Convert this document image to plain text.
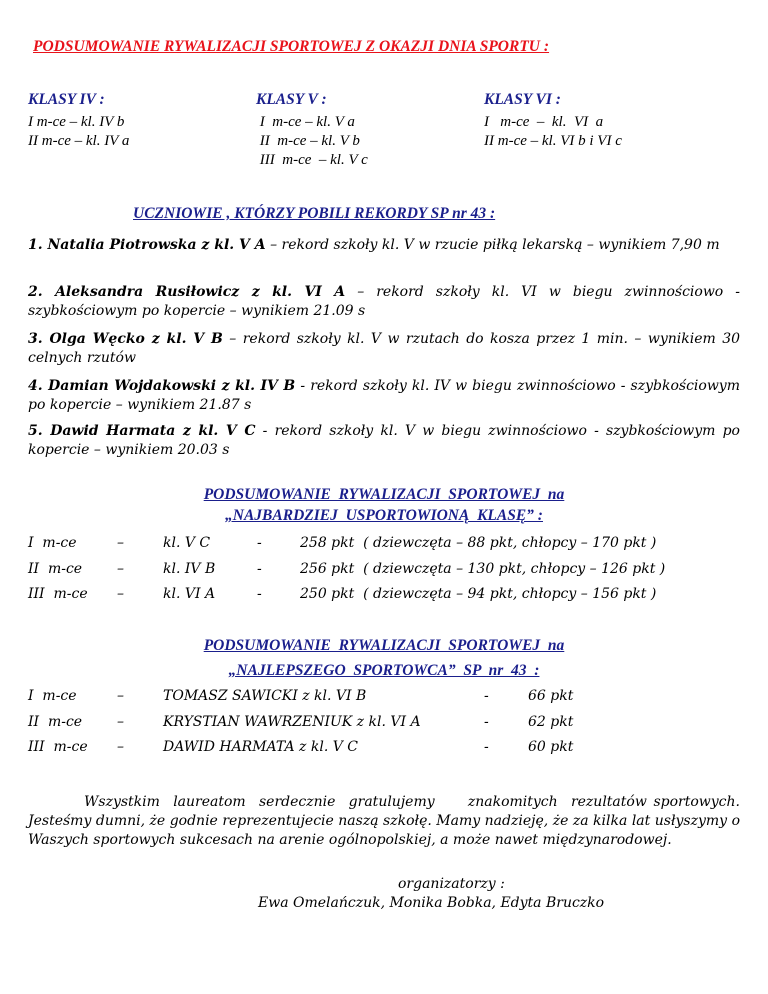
PODSUMOWANIE RYWALIZACJI SPORTOWEJ Z OKAZJI DNIA SPORTU :
KLASY IV :
I m-ce – kl. IV b
II m-ce – kl. IV a
KLASY V :
I  m-ce – kl. V a
II  m-ce – kl. V b
III  m-ce  – kl. V c
KLASY VI :
I   m-ce  –  kl.  VI  a
II m-ce – kl. VI b i VI c
UCZNIOWIE , KTÓRZY POBILI REKORDY SP nr 43 :
1. Natalia Piotrowska z kl. V A – rekord szkoły kl. V w rzucie piłką lekarską – wynikiem 7,90 m
2. Aleksandra Rusiłowicz z kl. VI A – rekord szkoły kl. VI w biegu zwinnościowo - szybkościowym po kopercie – wynikiem 21.09 s
3. Olga Węcko z kl. V B – rekord szkoły kl. V w rzutach do kosza przez 1 min. – wynikiem 30 celnych rzutów
4. Damian Wojdakowski z kl. IV B - rekord szkoły kl. IV w biegu zwinnościowo - szybkościowym po kopercie – wynikiem 21.87 s
5. Dawid Harmata z kl. V C - rekord szkoły kl. V w biegu zwinnościowo - szybkościowym po kopercie – wynikiem 20.03 s
PODSUMOWANIE  RYWALIZACJI  SPORTOWEJ  na
„NAJBARDZIEJ  USPORTOWIONĄ  KLASĘ” :
I  m-ce	–	kl. V C	-	258 pkt  ( dziewczęta – 88 pkt, chłopcy – 170 pkt )
II  m-ce –	kl. IV B	-	256 pkt  ( dziewczęta – 130 pkt, chłopcy – 126 pkt )
III  m-ce –	kl. VI A	-	250 pkt  ( dziewczęta – 94 pkt, chłopcy – 156 pkt )
PODSUMOWANIE  RYWALIZACJI  SPORTOWEJ  na
„NAJLEPSZEGO  SPORTOWCA”  SP  nr  43  :
I  m-ce	–	TOMASZ SAWICKI z kl. VI B	-	66 pkt
II  m-ce –	KRYSTIAN WAWRZENIUK z kl. VI A	-	62 pkt
III  m-ce –	DAWID HARMATA z kl. V C	-	60 pkt
Wszystkim  laureatom  serdecznie  gratulujemy     znakomitych  rezultatów sportowych. Jesteśmy dumni, że godnie reprezentujecie naszą szkołę. Mamy nadzieję, że za kilka lat usłyszymy o Waszych sportowych sukcesach na arenie ogólnopolskiej, a może nawet międzynarodowej.
organizatorzy :
Ewa Omelańczuk, Monika Bobka, Edyta Bruczko
